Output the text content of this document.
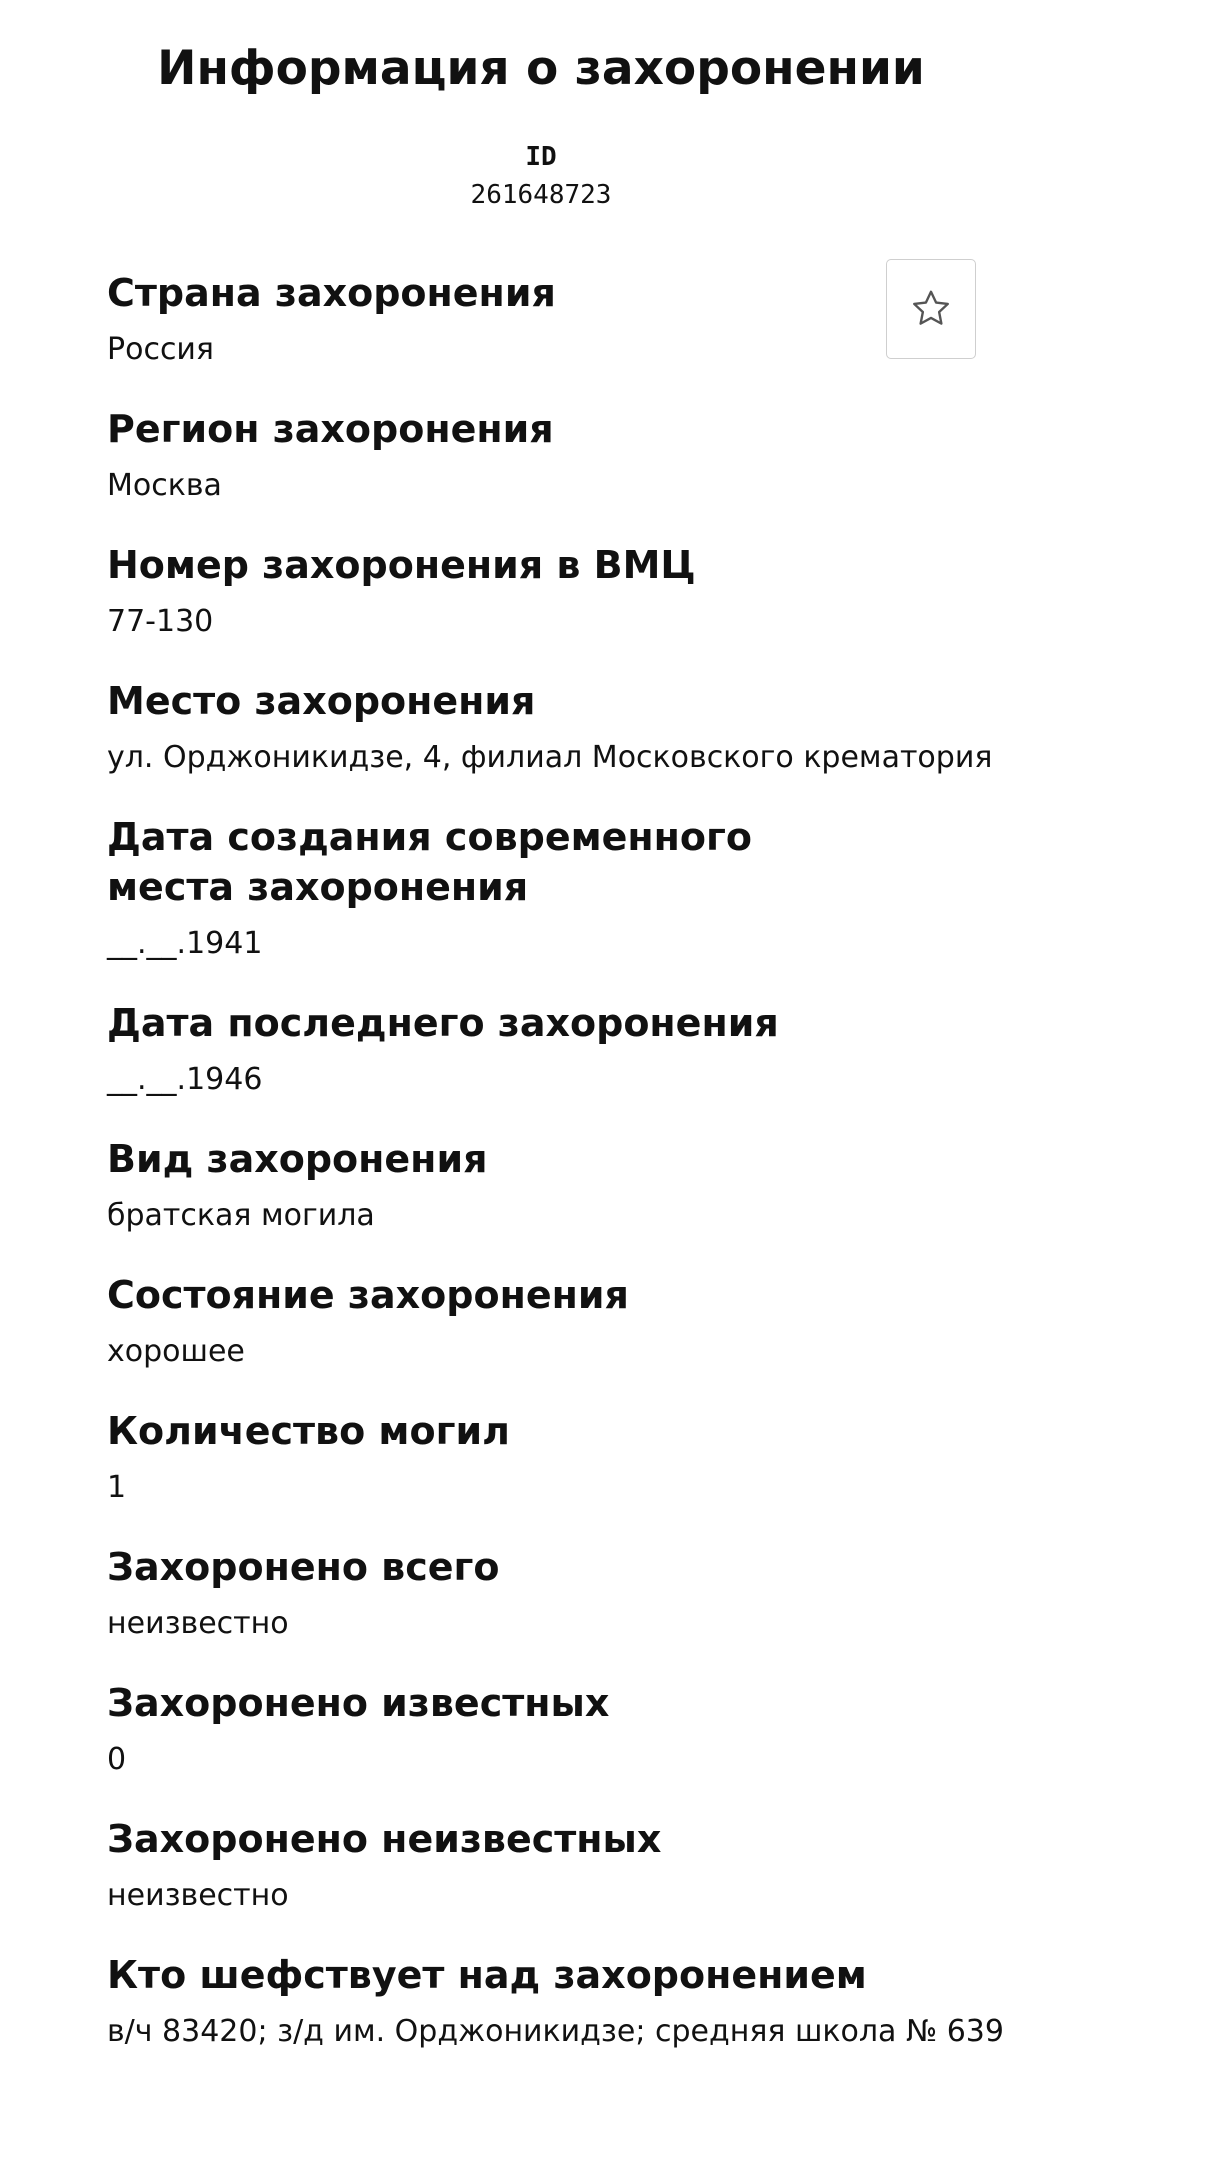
Информация о захоронении
ID
261648723
Страна захоронения
Россия
Регион захоронения
Москва
Номер захоронения в ВМЦ
77-130
Место захоронения
ул. Орджоникидзе, 4, филиал Московского крематория
Дата создания современного места захоронения
__.__.1941
Дата последнего захоронения
__.__.1946
Вид захоронения
братская могила
Состояние захоронения
хорошее
Количество могил
1
Захоронено всего
неизвестно
Захоронено известных
0
Захоронено неизвестных
неизвестно
Кто шефствует над захоронением
в/ч 83420; з/д им. Орджоникидзе; средняя школа № 639
